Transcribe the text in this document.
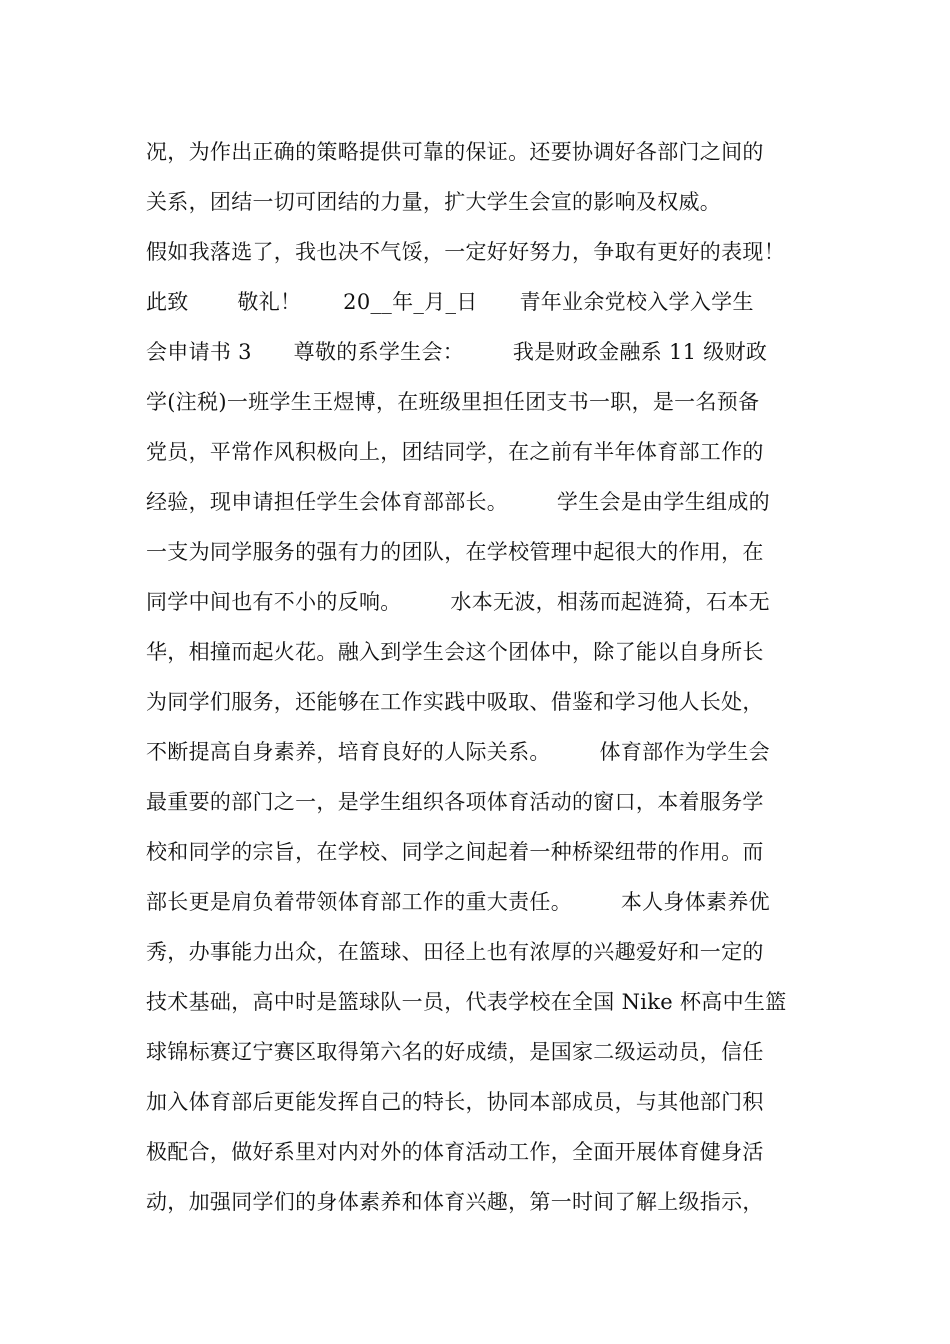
况，为作出正确的策略提供可靠的保证。还要协调好各部门之间的
关系，团结一切可团结的力量，扩大学生会宣的影响及权威。
假如我落选了，我也决不气馁，一定好好努力，争取有更好的表现！
此致       敬礼！      20__年_月_日      青年业余党校入学入学生
会申请书 3      尊敬的系学生会：       我是财政金融系 11 级财政
学(注税)一班学生王煜博，在班级里担任团支书一职，是一名预备
党员，平常作风积极向上，团结同学，在之前有半年体育部工作的
经验，现申请担任学生会体育部部长。       学生会是由学生组成的
一支为同学服务的强有力的团队，在学校管理中起很大的作用，在
同学中间也有不小的反响。       水本无波，相荡而起涟猗，石本无
华，相撞而起火花。融入到学生会这个团体中，除了能以自身所长
为同学们服务，还能够在工作实践中吸取、借鉴和学习他人长处，
不断提高自身素养，培育良好的人际关系。       体育部作为学生会
最重要的部门之一，是学生组织各项体育活动的窗口，本着服务学
校和同学的宗旨，在学校、同学之间起着一种桥梁纽带的作用。而
部长更是肩负着带领体育部工作的重大责任。       本人身体素养优
秀，办事能力出众，在篮球、田径上也有浓厚的兴趣爱好和一定的
技术基础，高中时是篮球队一员，代表学校在全国 Nike 杯高中生篮
球锦标赛辽宁赛区取得第六名的好成绩，是国家二级运动员，信任
加入体育部后更能发挥自己的特长，协同本部成员，与其他部门积
极配合，做好系里对内对外的体育活动工作，全面开展体育健身活
动，加强同学们的身体素养和体育兴趣，第一时间了解上级指示，
